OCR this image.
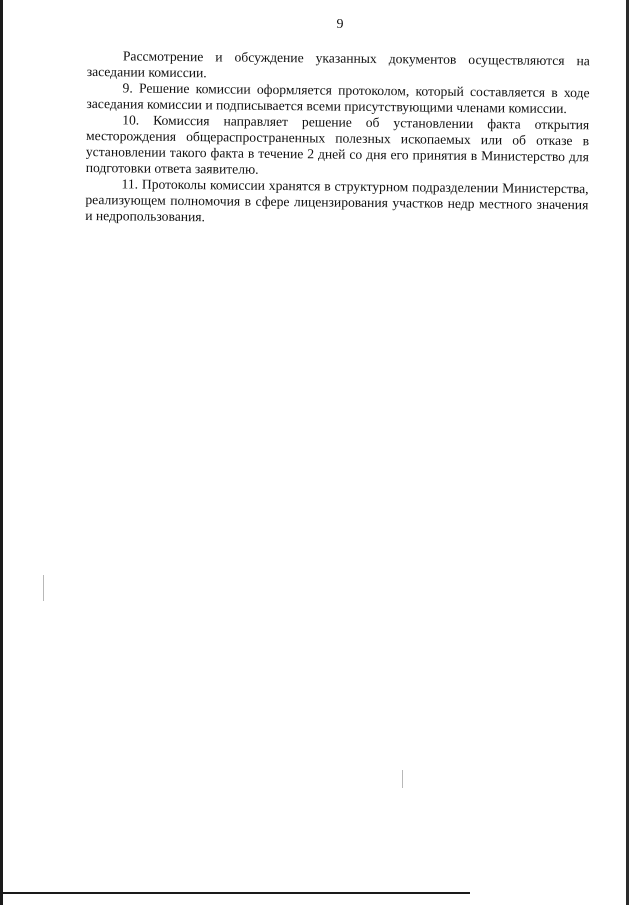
9

Рассмотрение и обсуждение указанных документов осуществляются на заседании комиссии.

9. Решение комиссии оформляется протоколом, который составляется в ходе заседания комиссии и подписывается всеми присутствующими членами комиссии.

10. Комиссия направляет решение об установлении факта открытия месторождения общераспространенных полезных ископаемых или об отказе в установлении такого факта в течение 2 дней со дня его принятия в Министерство для подготовки ответа заявителю.

11. Протоколы комиссии хранятся в структурном подразделении Министерства, реализующем полномочия в сфере лицензирования участков недр местного значения и недропользования.
